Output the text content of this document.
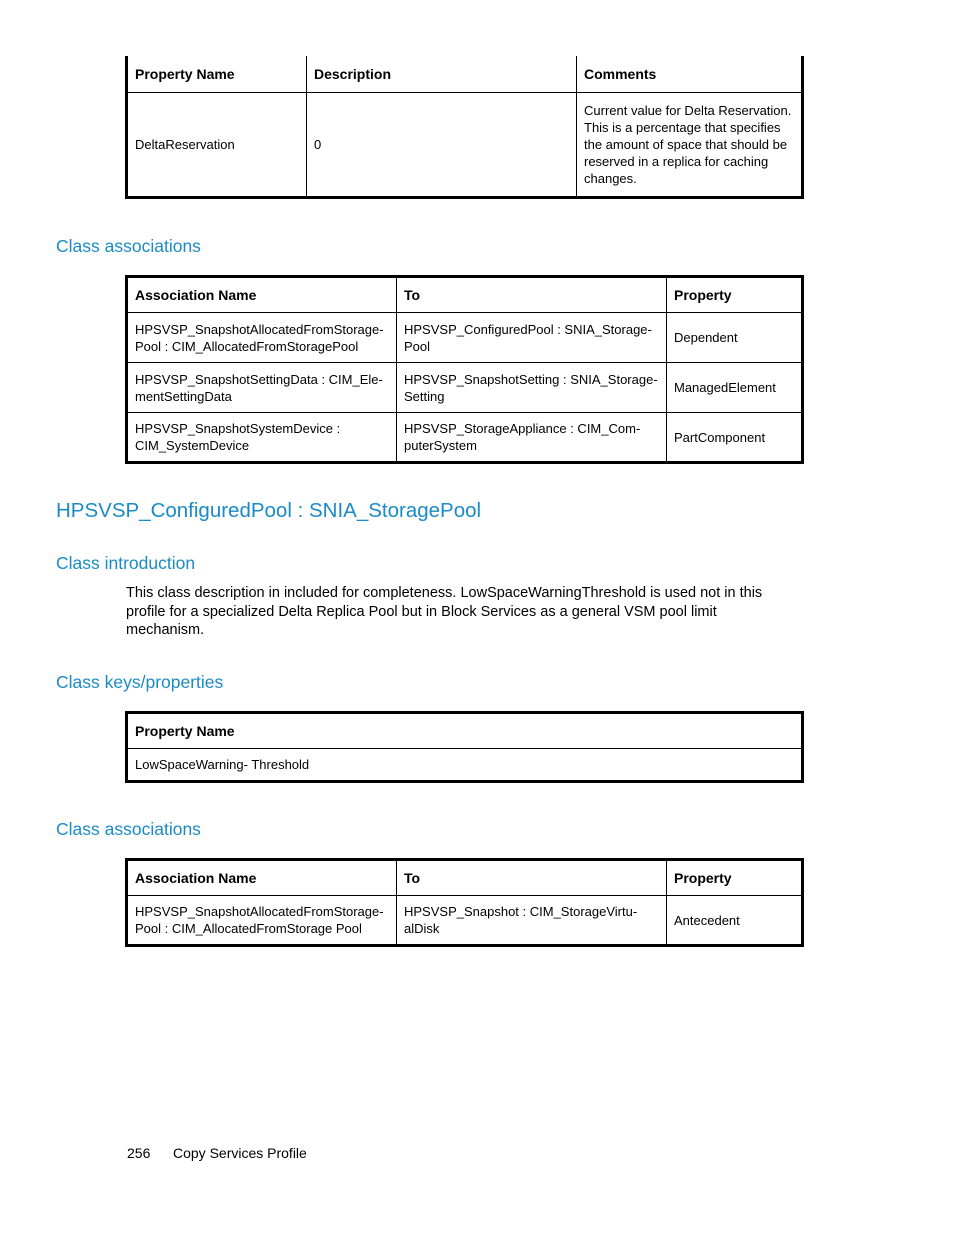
Property Name	Description	Comments
DeltaReservation	0	Current value for Delta Reservation.
This is a percentage that specifies
the amount of space that should be
reserved in a replica for caching
changes.
Class associations
Association Name	To	Property
HPSVSP_SnapshotAllocatedFromStorage-
Pool : CIM_AllocatedFromStoragePool	HPSVSP_ConfiguredPool : SNIA_Storage-
Pool	Dependent
HPSVSP_SnapshotSettingData : CIM_Ele-
mentSettingData	HPSVSP_SnapshotSetting : SNIA_Storage-
Setting	ManagedElement
HPSVSP_SnapshotSystemDevice :
CIM_SystemDevice	HPSVSP_StorageAppliance : CIM_Com-
puterSystem	PartComponent
HPSVSP_ConfiguredPool : SNIA_StoragePool
Class introduction
This class description in included for completeness. LowSpaceWarningThreshold is used not in this
profile for a specialized Delta Replica Pool but in Block Services as a general VSM pool limit
mechanism.
Class keys/properties
Property Name
LowSpaceWarning- Threshold
Class associations
Association Name	To	Property
HPSVSP_SnapshotAllocatedFromStorage-
Pool : CIM_AllocatedFromStorage Pool	HPSVSP_Snapshot : CIM_StorageVirtu-
alDisk	Antecedent
256 Copy Services Profile
